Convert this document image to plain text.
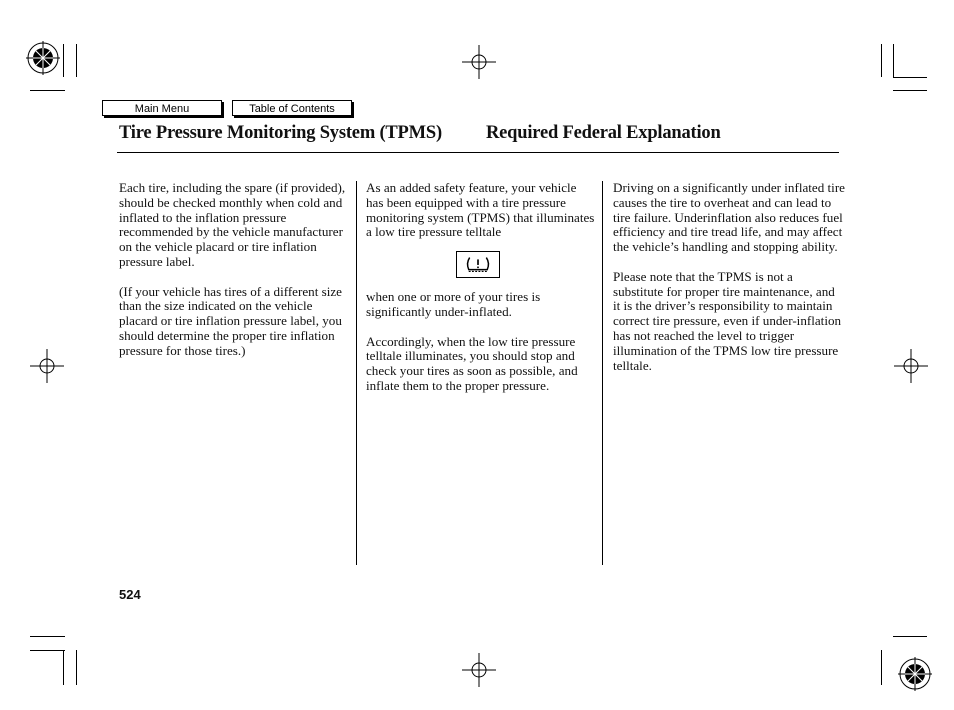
Main Menu	Table of Contents
Tire Pressure Monitoring System (TPMS) Required Federal Explanation

Each tire, including the spare (if provided), should be checked monthly when cold and inflated to the inflation pressure recommended by the vehicle manufacturer on the vehicle placard or tire inflation pressure label.

(If your vehicle has tires of a different size than the size indicated on the vehicle placard or tire inflation pressure label, you should determine the proper tire inflation pressure for those tires.)

As an added safety feature, your vehicle has been equipped with a tire pressure monitoring system (TPMS) that illuminates a low tire pressure telltale

when one or more of your tires is significantly under-inflated.

Accordingly, when the low tire pressure telltale illuminates, you should stop and check your tires as soon as possible, and inflate them to the proper pressure.

Driving on a significantly under inflated tire causes the tire to overheat and can lead to tire failure. Underinflation also reduces fuel efficiency and tire tread life, and may affect the vehicle’s handling and stopping ability.

Please note that the TPMS is not a substitute for proper tire maintenance, and it is the driver’s responsibility to maintain correct tire pressure, even if under-inflation has not reached the level to trigger illumination of the TPMS low tire pressure telltale.

524
